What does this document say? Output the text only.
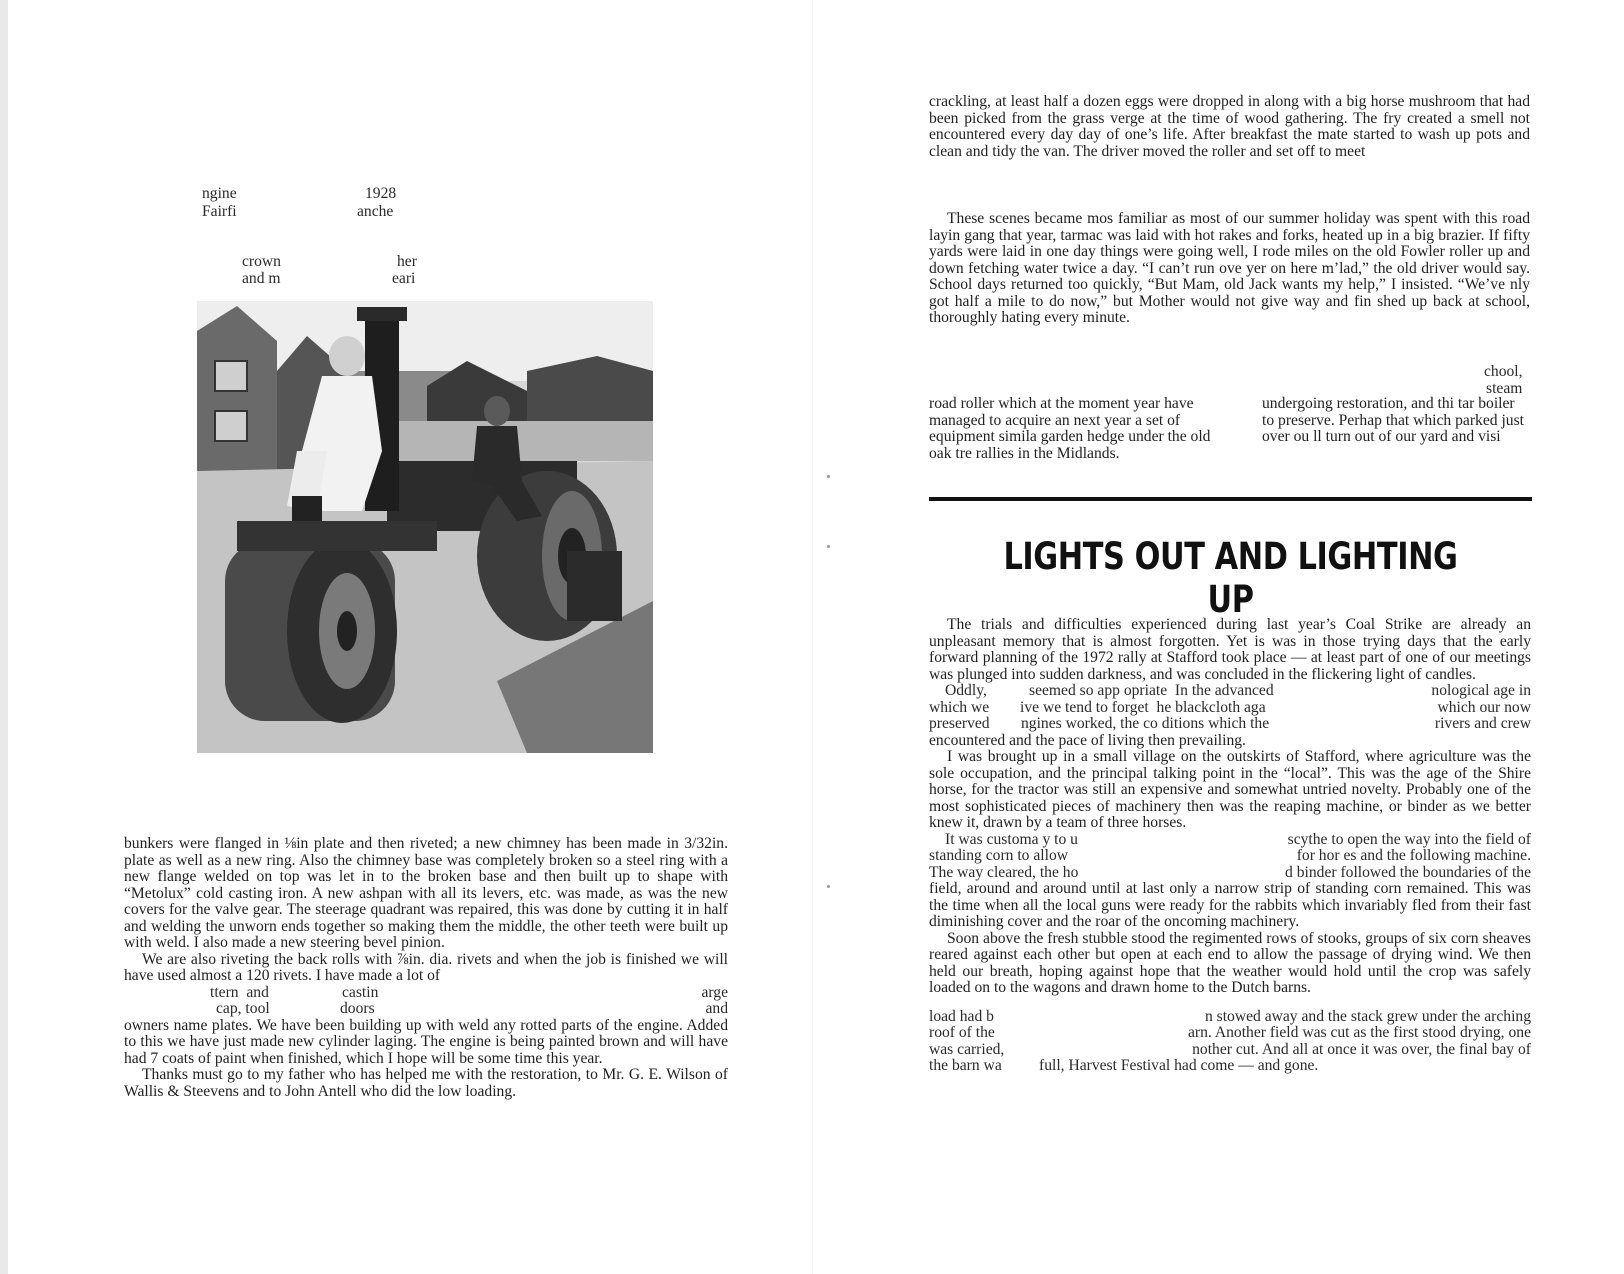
ngine	1928
Fairfi	anche
crown	her
and m	eari

bunkers were flanged in ⅛in plate and then riveted; a new chimney has been made in 3/32in. plate as well as a new ring. Also the chimney base was completely broken so a steel ring with a new flange welded on top was let in to the broken base and then built up to shape with “Metolux” cold casting iron. A new ashpan with all its levers, etc. was made, as was the new covers for the valve gear. The steerage quadrant was repaired, this was done by cutting it in half and welding the unworn ends together so making them the middle, the other teeth were built up with weld. I also made a new steering bevel pinion.

We are also riveting the back rolls with ⅞in. dia. rivets and when the job is finished we will have used almost a 120 rivets. I have made a lot of

ttern  and	castin	arge
cap, tool	doors	and

owners name plates. We have been building up with weld any rotted parts of the engine. Added to this we have just made new cylinder laging. The engine is being painted brown and will have had 7 coats of paint when finished, which I hope will be some time this year.

Thanks must go to my father who has helped me with the restoration, to Mr. G. E. Wilson of Wallis & Steevens and to John Antell who did the low loading.

crackling, at least half a dozen eggs were dropped in along with a big horse mushroom that had been picked from the grass verge at the time of wood gathering. The fry created a smell not encountered every day day of one’s life. After breakfast the mate started to wash up pots and clean and tidy the van. The driver moved the roller and set off to meet

These scenes became mos familiar as most of our summer holiday was spent with this road layin gang that year, tarmac was laid with hot rakes and forks, heated up in a big brazier. If fifty yards were laid in one day things were going well, I rode miles on the old Fowler roller up and down fetching water twice a day. “I can’t run ove yer on here m’lad,” the old driver would say. School days returned too quickly, “But Mam, old Jack wants my help,” I insisted. “We’ve nly got half a mile to do now,” but Mother would not give way and fin shed up back at school, thoroughly hating every minute.

chool,
steam
road roller which at the moment year have managed to acquire an next year a set of equipment simila garden hedge under the old oak tre rallies in the Midlands.
undergoing restoration, and thi tar boiler to preserve. Perhap that which parked just over ou ll turn out of our yard and visi
LIGHTS OUT AND LIGHTING UP

The trials and difficulties experienced during last year’s Coal Strike are already an unpleasant memory that is almost forgotten. Yet is was in those trying days that the early forward planning of the 1972 rally at Stafford took place — at least part of one of our meetings was plunged into sudden darkness, and was concluded in the flickering light of candles.

Oddly,	seemed so app opriate  In the advanced	nological age in
which we ive we tend to forget  he blackcloth aga	which our now
preserved ngines worked, the co ditions which the	rivers and crew

encountered and the pace of living then prevailing.

I was brought up in a small village on the outskirts of Stafford, where agriculture was the sole occupation, and the principal talking point in the “local”. This was the age of the Shire horse, for the tractor was still an expensive and somewhat untried novelty. Probably one of the most sophisticated pieces of machinery then was the reaping machine, or binder as we better knew it, drawn by a team of three horses.

It was customa y to u	scythe to open the way into the field of
standing corn to allow	for hor es and the following machine.
The way cleared, the ho	d binder followed the boundaries of the

field, around and around until at last only a narrow strip of standing corn remained. This was the time when all the local guns were ready for the rabbits which invariably fled from their fast diminishing cover and the roar of the oncoming machinery.

Soon above the fresh stubble stood the regimented rows of stooks, groups of six corn sheaves reared against each other but open at each end to allow the passage of drying wind. We then held our breath, hoping against hope that the weather would hold until the crop was safely loaded on to the wagons and drawn home to the Dutch barns.

load had b	n stowed away and the stack grew under the arching
roof of the	arn. Another field was cut as the first stood drying, one
was carried,	nother cut. And all at once it was over, the final bay of
the barn wa full, Harvest Festival had come — and gone.
